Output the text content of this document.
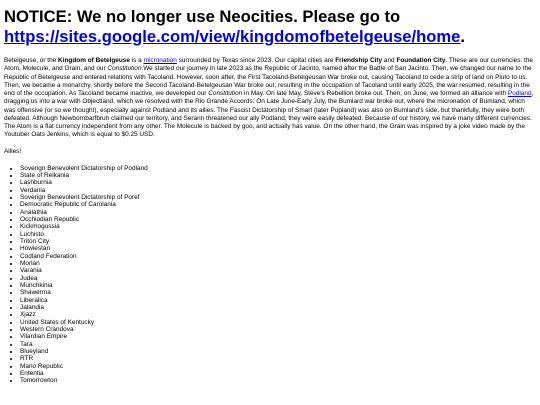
NOTICE: We no longer use Neocities. Please go to
https://sites.google.com/view/kingdomofbetelgeuse/home.

Betelgeuse, or the Kingdom of Betelgeuse is a micronation surrounded by Texas since 2023. Our capital cities are Friendship City and Foundation City. These are our currencies: the Atom, Molecule, and Grain, and our Constitution.We started our journey in late 2023 as the Republic of Jacinto, named after the Battle of San Jacinto. Then, we changed our name to the Republic of Betelgeuse and entered relations with Tacoland. However, soon after, the First Tacoland-Betelgeusan War broke out, causing Tacoland to cede a strip of land on Pluto to us. Then, we became a monarchy, shortly before the Second Tacoland-Betelgeusan War broke out, resulting in the occupation of Tacoland until early 2025, the war resumed, resulting in the end of the occupation. As Tacoland became inactive, we developed our Constitution in May. On late May, Steve's Rebellion broke out. Then, on June, we formed an alliance with Podland, dragging us into a war with Objectland, which we resolved with the Rio Grande Accords. On Late June-Early July, the Bumlard war broke out, where the micronation of Bumland, which was offensive (or so we thought), especially against Podland and its allies. The Fascist Dictatorship of Smart (later Popland) was also on Bumland's side, but thankfully, they were both defeated. Although Newbornbarfbruh claimed our territory, and Serarin threatened our ally Podland, they were easily defeated. Because of our history, we have many different currencies. The Atom is a flat currency independent from any other. The Molecule is backed by goo, and actually has value. On the other hand, the Grain was inspired by a joke video made by the Youtuber Oats Jenkins, which is equal to $0.25 USD.

Allies!

• Soverign Benevolent Dictatorship of Podland
• State of Relkania
• Lashburnia
• Verdania
• Soverign Benevolent Dictatorship of Poref
• Democratic Republic of Carolania
• Analathia
• Occhiodian Republic
• Kickmogussia
• Luchisto
• Triton City
• Howiestan
• Codland Federation
• Morlan
• Varania
• Judea
• Munchkinia
• Shawerma
• Liberalica
• Jalandia
• Xjazz
• United States of Kentucky
• Western Crandova
• Vilardian Empire
• Tara
• Blueyland
• RTR
• Mario Republic
• Ententia
• Tomorrowton
